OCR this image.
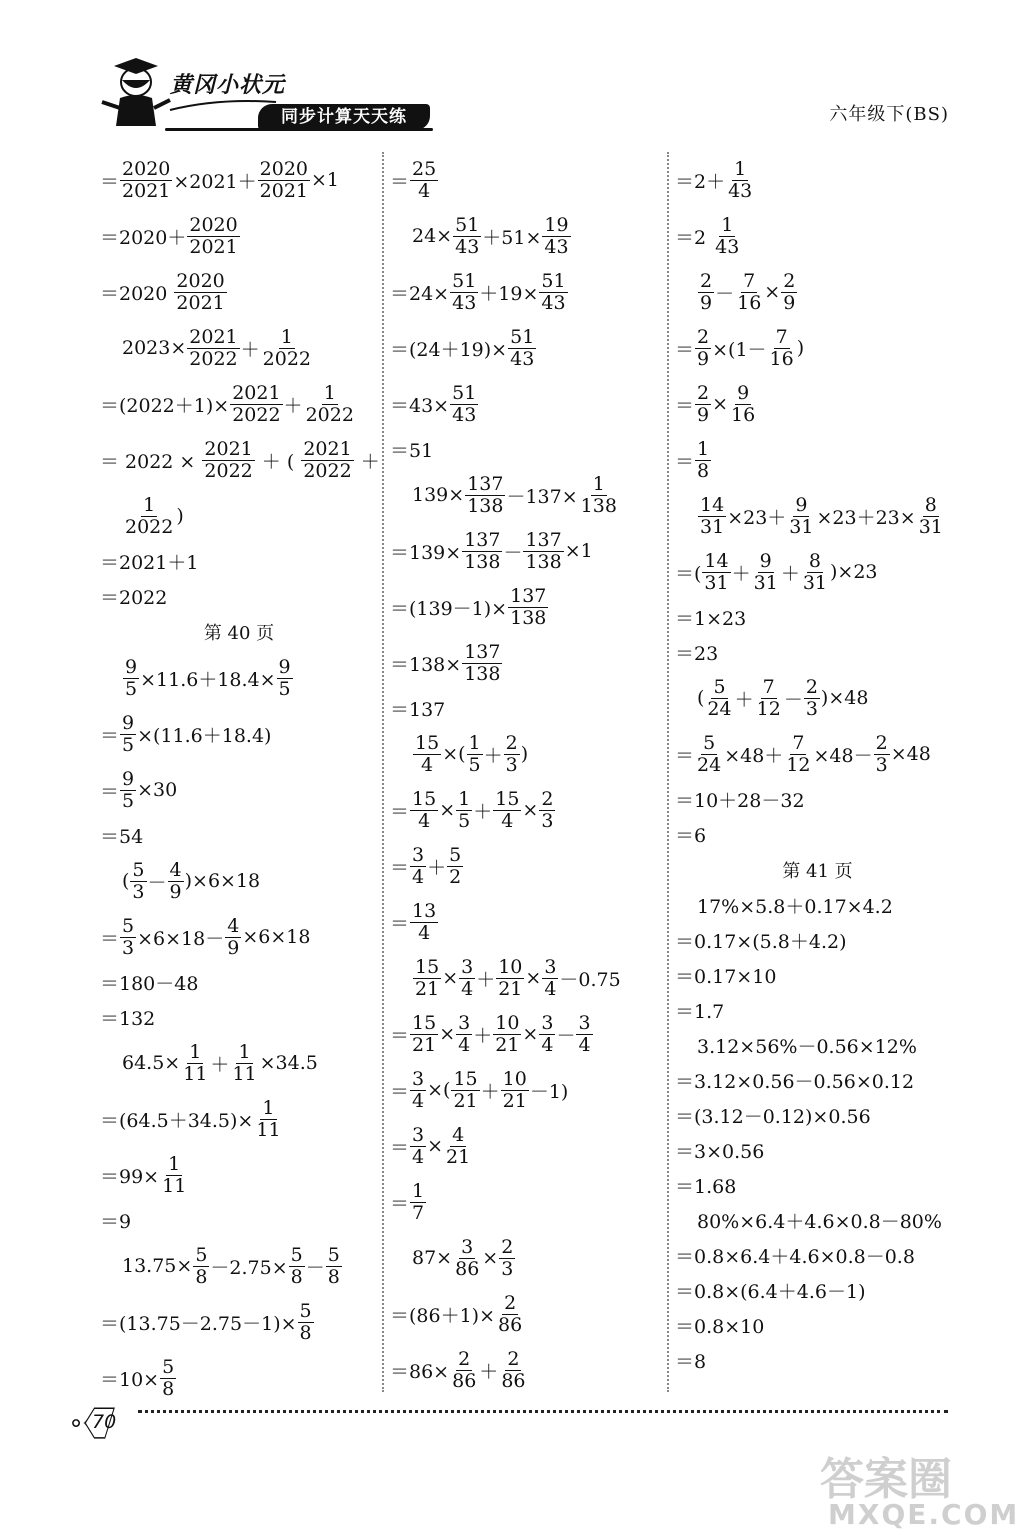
黄冈小状元
同步计算天天练	六年级下(BS)
＝ $\frac{2020}{2021} \times 2021+ \frac{2020}{2021} \times 1$
$=2020+ \frac{2020}{2021}$
$=2020 \frac{2020}{2021}$
$2023\times \frac{2021}{2022} + \frac{1}{2022}$
$=(2022+1)\times \frac{2021}{2022} + \frac{1}{2022}$
＝ $2022 \times \frac{2021}{2022}$ ＋ ( $\frac{2021}{2022}$ ＋
$\frac{1}{2022}$ )
＝2021＋1
＝2022
第 40 页
$\frac{9}{5} \times 11.6+18.4\times \frac{9}{5}$
＝ $\frac{9}{5} \times(11.6+18.4)$
＝ $\frac{9}{5} \times 30$
＝54
( $\frac{5}{3} - \frac{4}{9} )\times 6\times 18$
＝ $\frac{5}{3} \times 6\times 18- \frac{4}{9} \times 6\times 18$
＝180－48
＝132
$64.5\times \frac{1}{11} + \frac{1}{11} \times 34.5$
$=(64.5+34.5)\times \frac{1}{11}$
$=99\times \frac{1}{11}$
＝9
$13.75\times \frac{5}{8} -2.75\times \frac{5}{8} - \frac{5}{8}$
$=(13.75-2.75-1)\times \frac{5}{8}$
$=10\times \frac{5}{8}$
＝ $\frac{25}{4}$
$24\times \frac{51}{43} +51\times \frac{19}{43}$
$=24\times \frac{51}{43} +19\times \frac{51}{43}$
$=(24+19)\times \frac{51}{43}$
$=43\times \frac{51}{43}$
＝51
$139\times \frac{137}{138} -137\times \frac{1}{138}$
$=139\times \frac{137}{138} - \frac{137}{138} \times 1$
$=(139-1)\times \frac{137}{138}$
$=138\times \frac{137}{138}$
＝137
$\frac{15}{4}$ ×( $\frac{1}{5} + \frac{2}{3}$ )
＝ $\frac{15}{4} \times \frac{1}{5} + \frac{15}{4} \times \frac{2}{3}$
＝ $\frac{3}{4} + \frac{5}{2}$
＝ $\frac{13}{4}$
$\frac{15}{21} \times \frac{3}{4} + \frac{10}{21} \times \frac{3}{4} -0.75$
＝ $\frac{15}{21} \times \frac{3}{4} + \frac{10}{21} \times \frac{3}{4} - \frac{3}{4}$
＝ $\frac{3}{4}$ ×( $\frac{15}{21} + \frac{10}{21} -1$)
＝ $\frac{3}{4} \times \frac{4}{21}$
＝ $\frac{1}{7}$
$87\times \frac{3}{86} \times \frac{2}{3}$
$=(86+1)\times \frac{2}{86}$
$=86\times \frac{2}{86} + \frac{2}{86}$
$=2+ \frac{1}{43}$
$=2 \frac{1}{43}$
$\frac{2}{9} - \frac{7}{16} \times \frac{2}{9}$
＝ $\frac{2}{9} \times(1- \frac{7}{16}$ )
＝ $\frac{2}{9} \times \frac{9}{16}$
＝ $\frac{1}{8}$
$\frac{14}{31} \times 23+ \frac{9}{31} \times 23+23\times \frac{8}{31}$
＝( $\frac{14}{31} + \frac{9}{31} + \frac{8}{31} )\times 23$
＝1×23
＝23
( $\frac{5}{24} + \frac{7}{12} - \frac{2}{3} )\times 48$
＝ $\frac{5}{24} \times 48+ \frac{7}{12} \times 48- \frac{2}{3} \times 48$
＝10＋28－32
＝6
第 41 页
17%×5.8＋0.17×4.2
＝0.17×(5.8＋4.2)
＝0.17×10
＝1.7
3.12×56%－0.56×12%
＝3.12×0.56－0.56×0.12
＝(3.12－0.12)×0.56
＝3×0.56
＝1.68
80%×6.4＋4.6×0.8－80%
＝0.8×6.4＋4.6×0.8－0.8
＝0.8×(6.4＋4.6－1)
＝0.8×10
＝8
70
答案圈
MXQE.COM
